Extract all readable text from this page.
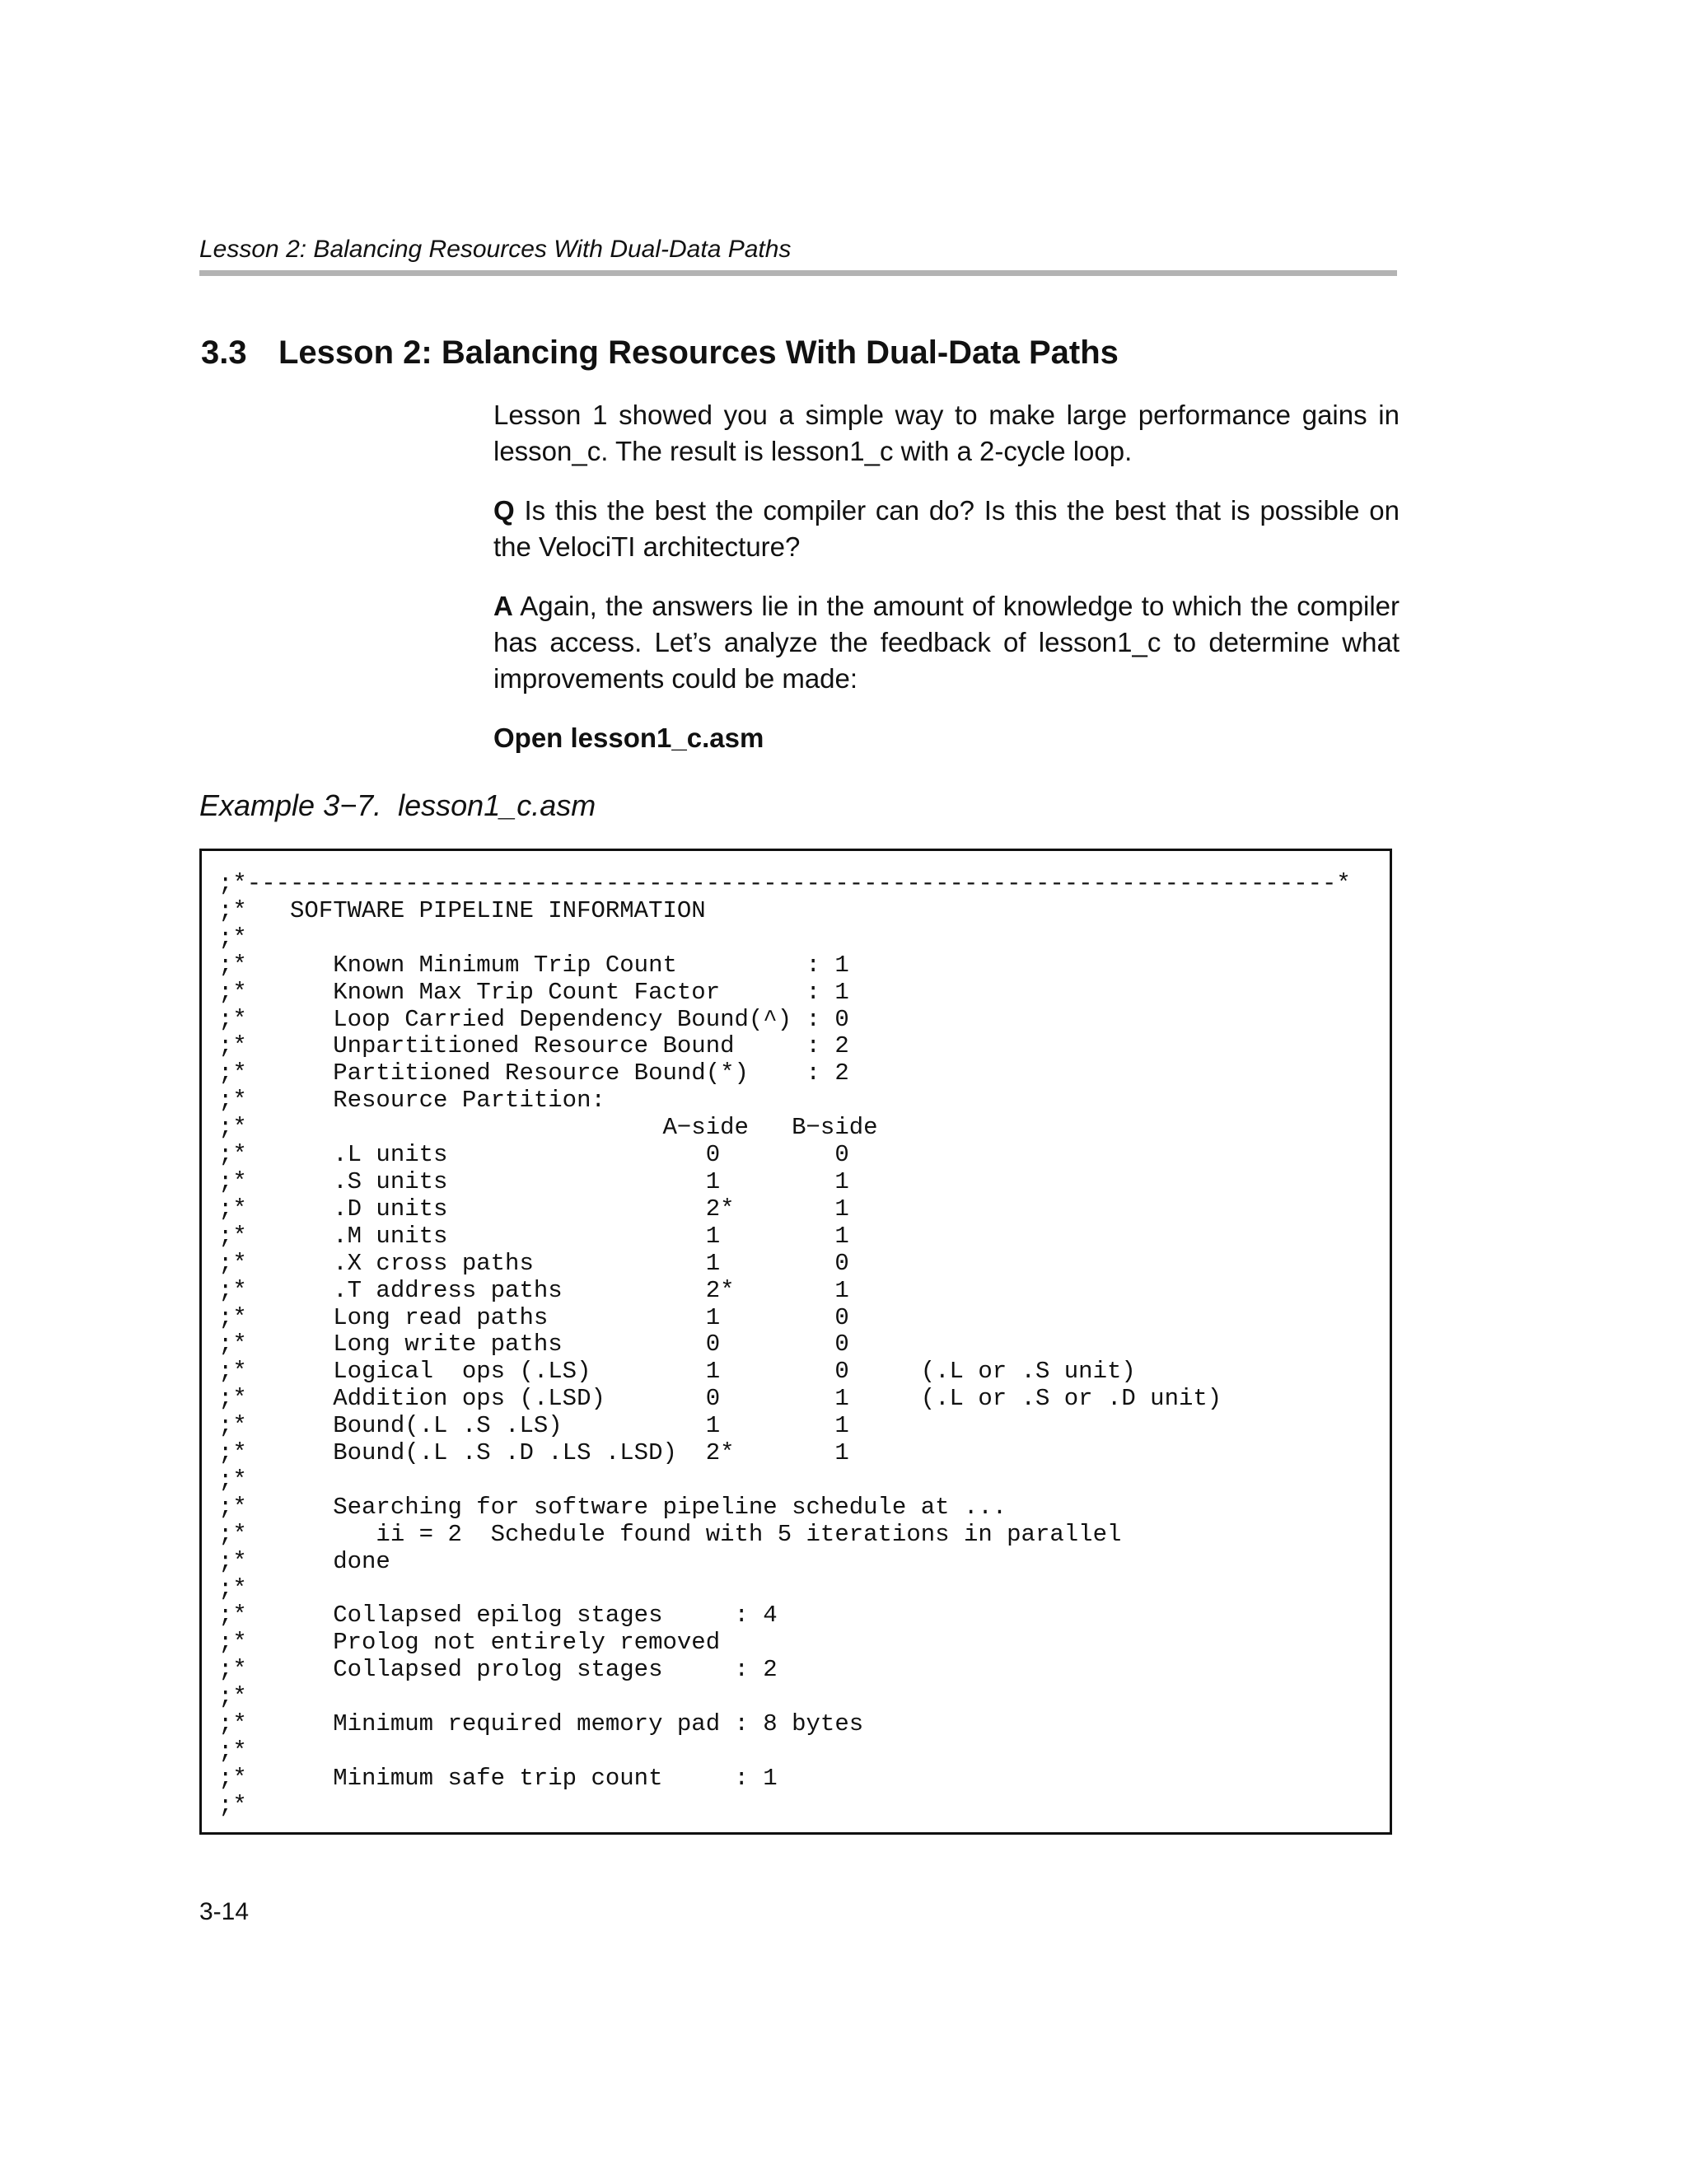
Lesson 2: Balancing Resources With Dual-Data Paths
3.3 Lesson 2: Balancing Resources With Dual-Data Paths

Lesson 1 showed you a simple way to make large performance gains in lesson_c. The result is lesson1_c with a 2-cycle loop.

Q Is this the best the compiler can do? Is this the best that is possible on the VelociTI architecture?

A Again, the answers lie in the amount of knowledge to which the compiler has access. Let’s analyze the feedback of lesson1_c to determine what improvements could be made:

Open lesson1_c.asm

Example 3−7.  lesson1_c.asm
;*----------------------------------------------------------------------------*
;*   SOFTWARE PIPELINE INFORMATION
;*
;*      Known Minimum Trip Count         : 1
;*      Known Max Trip Count Factor      : 1
;*      Loop Carried Dependency Bound(^) : 0
;*      Unpartitioned Resource Bound     : 2
;*      Partitioned Resource Bound(*)    : 2
;*      Resource Partition:
;*                             A−side   B−side
;*      .L units                  0        0
;*      .S units                  1        1
;*      .D units                  2*       1
;*      .M units                  1        1
;*      .X cross paths            1        0
;*      .T address paths          2*       1
;*      Long read paths           1        0
;*      Long write paths          0        0
;*      Logical  ops (.LS)        1        0     (.L or .S unit)
;*      Addition ops (.LSD)       0        1     (.L or .S or .D unit)
;*      Bound(.L .S .LS)          1        1
;*      Bound(.L .S .D .LS .LSD)  2*       1
;*
;*      Searching for software pipeline schedule at ...
;*         ii = 2  Schedule found with 5 iterations in parallel
;*      done
;*
;*      Collapsed epilog stages     : 4
;*      Prolog not entirely removed
;*      Collapsed prolog stages     : 2
;*
;*      Minimum required memory pad : 8 bytes
;*
;*      Minimum safe trip count     : 1
;*
3-14
